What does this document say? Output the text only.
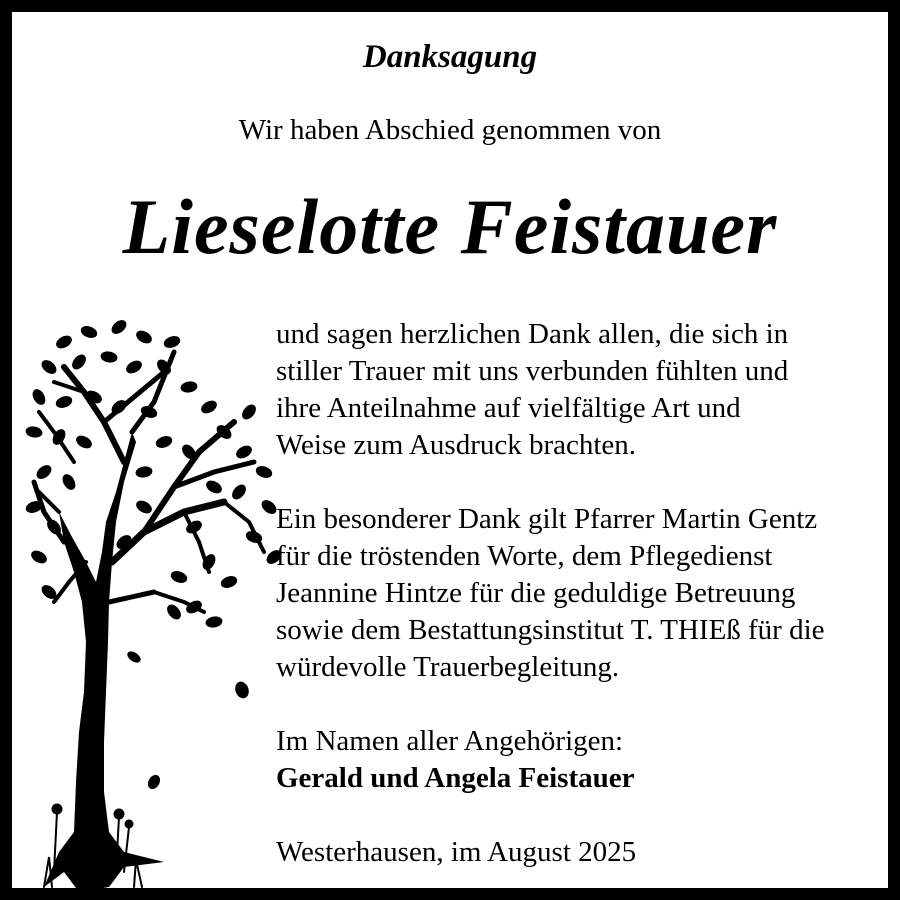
Danksagung
Wir haben Abschied genommen von
Lieselotte Feistauer

und sagen herzlichen Dank allen, die sich in
stiller Trauer mit uns verbunden fühlten und
ihre Anteilnahme auf vielfältige Art und
Weise zum Ausdruck brachten.

Ein besonderer Dank gilt Pfarrer Martin Gentz
für die tröstenden Worte, dem Pflegedienst
Jeannine Hintze für die geduldige Betreuung
sowie dem Bestattungsinstitut T. THIEß für die
würdevolle Trauerbegleitung.

Im Namen aller Angehörigen:
Gerald und Angela Feistauer

Westerhausen, im August 2025
